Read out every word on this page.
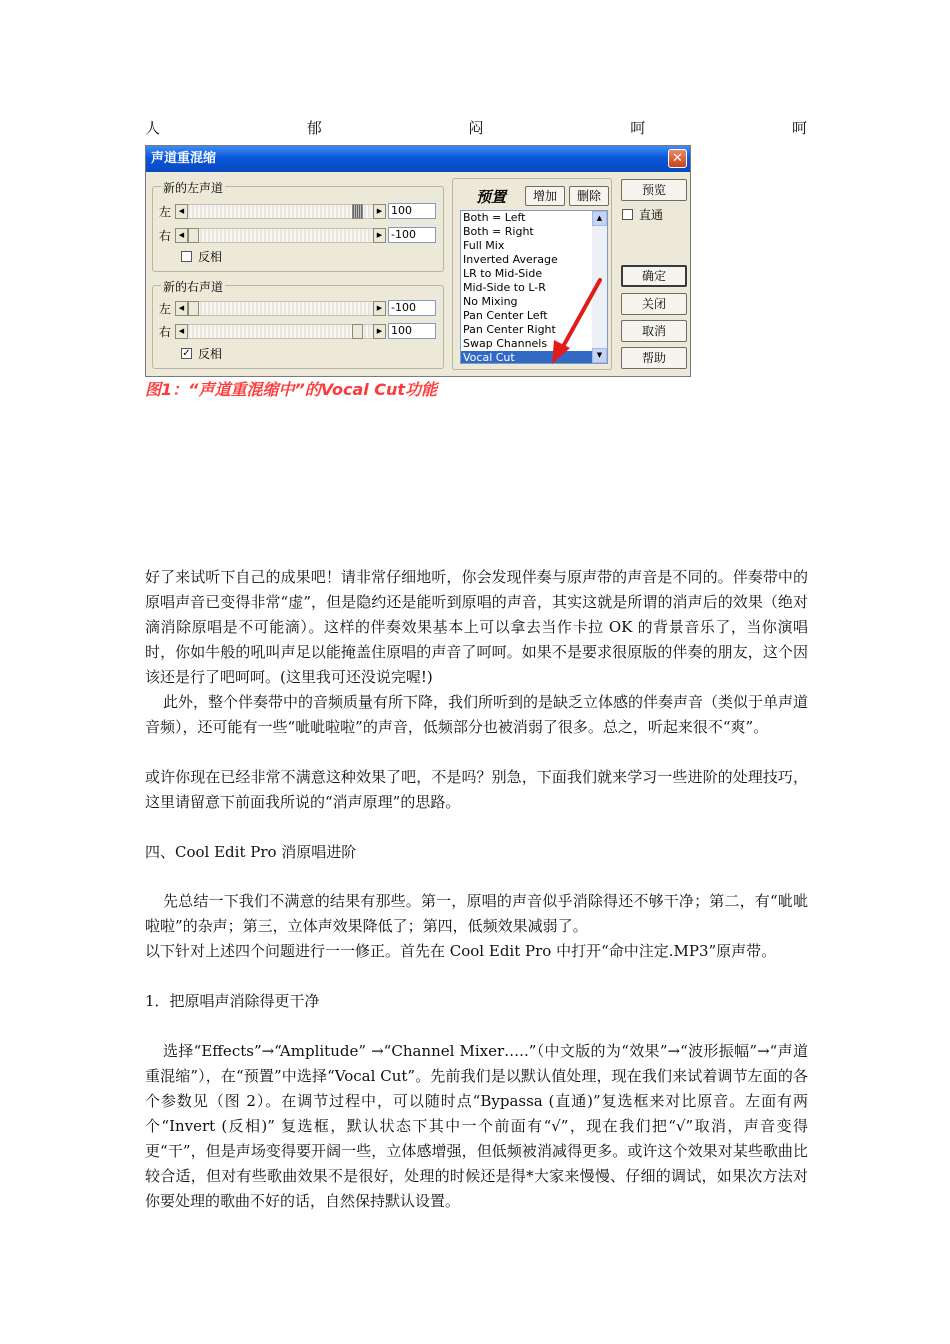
人	郁	闷	呵	呵
声道重混缩	✕
新的左声道
左	◀	▶ 100
右	◀	▶ -100
反相
新的右声道
左	◀	▶ -100
右	◀	▶ 100
✓ 反相
预置	增加	删除
Both = Left
Both = Right
Full Mix
Inverted Average
LR to Mid-Side
Mid-Side to L-R
No Mixing
Pan Center Left
Pan Center Right
Swap Channels
Vocal Cut
▲
▼
预览
直通
确定
关闭
取消
帮助
图1：“声道重混缩中”的Vocal Cut功能

好了来试听下自己的成果吧！请非常仔细地听，你会发现伴奏与原声带的声音是不同的。伴奏带中的原唱声音已变得非常“虚”，但是隐约还是能听到原唱的声音，其实这就是所谓的消声后的效果（绝对滴消除原唱是不可能滴）。这样的伴奏效果基本上可以拿去当作卡拉 OK 的背景音乐了，当你演唱时，你如牛般的吼叫声足以能掩盖住原唱的声音了呵呵。如果不是要求很原版的伴奏的朋友，这个因该还是行了吧呵呵。(这里我可还没说完喔!)

此外，整个伴奏带中的音频质量有所下降，我们所听到的是缺乏立体感的伴奏声音（类似于单声道音频），还可能有一些“呲呲啦啦”的声音，低频部分也被消弱了很多。总之，听起来很不“爽”。

或许你现在已经非常不满意这种效果了吧，不是吗？别急，下面我们就来学习一些进阶的处理技巧，这里请留意下前面我所说的“消声原理”的思路。

四、Cool Edit Pro 消原唱进阶

先总结一下我们不满意的结果有那些。第一，原唱的声音似乎消除得还不够干净；第二，有“呲呲啦啦”的杂声；第三，立体声效果降低了；第四，低频效果减弱了。

以下针对上述四个问题进行一一修正。首先在 Cool Edit Pro 中打开“命中注定.MP3”原声带。

1．把原唱声消除得更干净

选择“Effects”→“Amplitude” →“Channel Mixer…..”（中文版的为“效果”→“波形振幅”→“声道重混缩”），在“预置”中选择“Vocal Cut”。先前我们是以默认值处理，现在我们来试着调节左面的各个参数见（图 2）。在调节过程中，可以随时点“Bypassa (直通)”复选框来对比原音。左面有两个“Invert (反相)” 复选框，默认状态下其中一个前面有“√”，现在我们把“√”取消，声音变得更“干”，但是声场变得要开阔一些，立体感增强，但低频被消减得更多。或许这个效果对某些歌曲比较合适，但对有些歌曲效果不是很好，处理的时候还是得*大家来慢慢、仔细的调试，如果次方法对你要处理的歌曲不好的话，自然保持默认设置。
